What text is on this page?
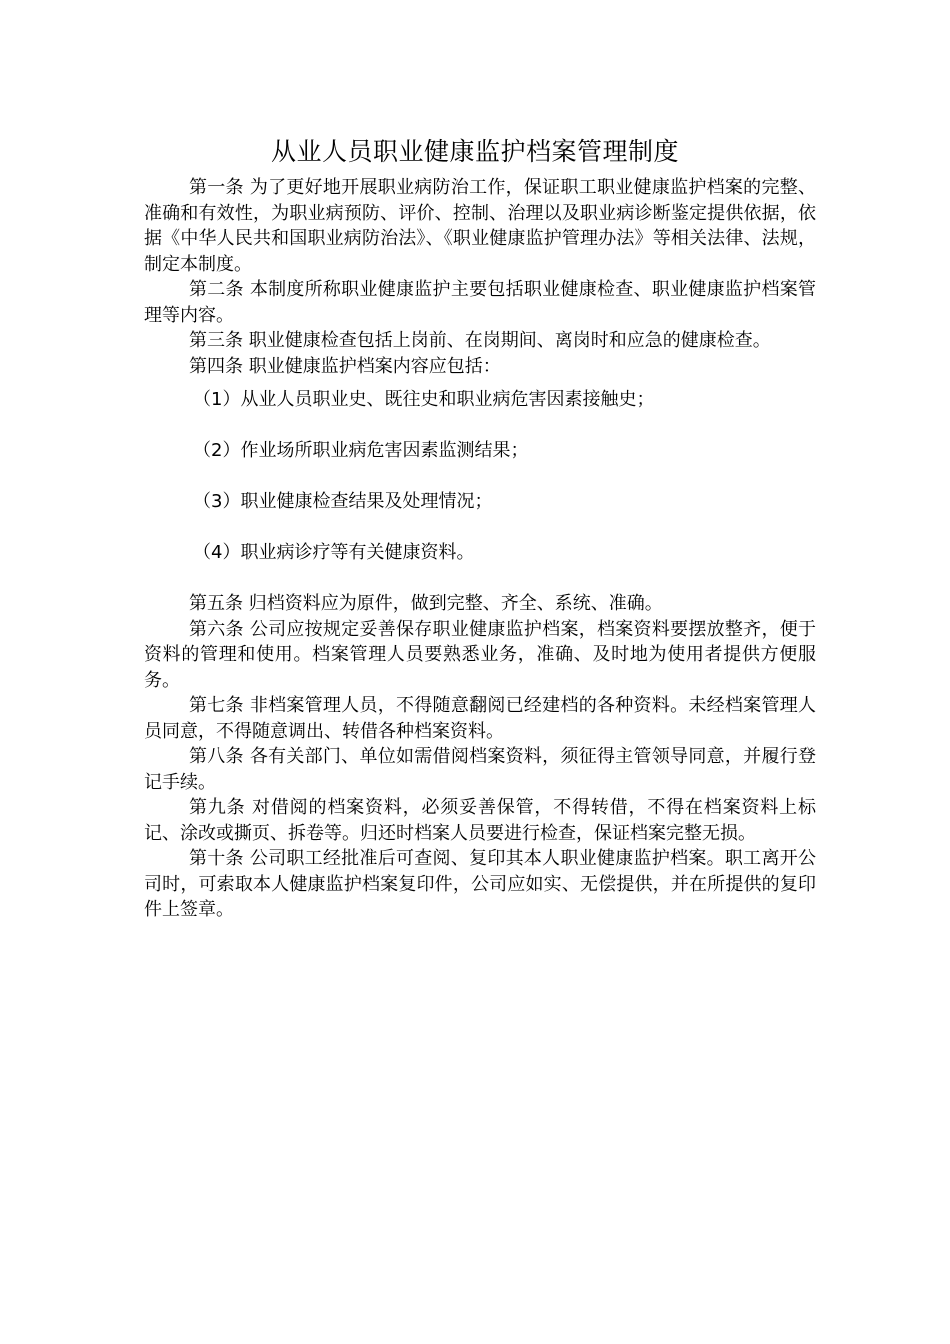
从业人员职业健康监护档案管理制度

第一条 为了更好地开展职业病防治工作，保证职工职业健康监护档案的完整、准确和有效性，为职业病预防、评价、控制、治理以及职业病诊断鉴定提供依据，依据《中华人民共和国职业病防治法》、《职业健康监护管理办法》等相关法律、法规，制定本制度。

第二条 本制度所称职业健康监护主要包括职业健康检查、职业健康监护档案管理等内容。

第三条 职业健康检查包括上岗前、在岗期间、离岗时和应急的健康检查。

第四条 职业健康监护档案内容应包括：

（1）从业人员职业史、既往史和职业病危害因素接触史；

（2）作业场所职业病危害因素监测结果；

（3）职业健康检查结果及处理情况；

（4）职业病诊疗等有关健康资料。

第五条 归档资料应为原件，做到完整、齐全、系统、准确。

第六条 公司应按规定妥善保存职业健康监护档案，档案资料要摆放整齐，便于资料的管理和使用。档案管理人员要熟悉业务，准确、及时地为使用者提供方便服务。

第七条 非档案管理人员，不得随意翻阅已经建档的各种资料。未经档案管理人员同意，不得随意调出、转借各种档案资料。

第八条 各有关部门、单位如需借阅档案资料，须征得主管领导同意，并履行登记手续。

第九条 对借阅的档案资料，必须妥善保管，不得转借，不得在档案资料上标记、涂改或撕页、拆卷等。归还时档案人员要进行检查，保证档案完整无损。

第十条 公司职工经批准后可查阅、复印其本人职业健康监护档案。职工离开公司时，可索取本人健康监护档案复印件，公司应如实、无偿提供，并在所提供的复印件上签章。
